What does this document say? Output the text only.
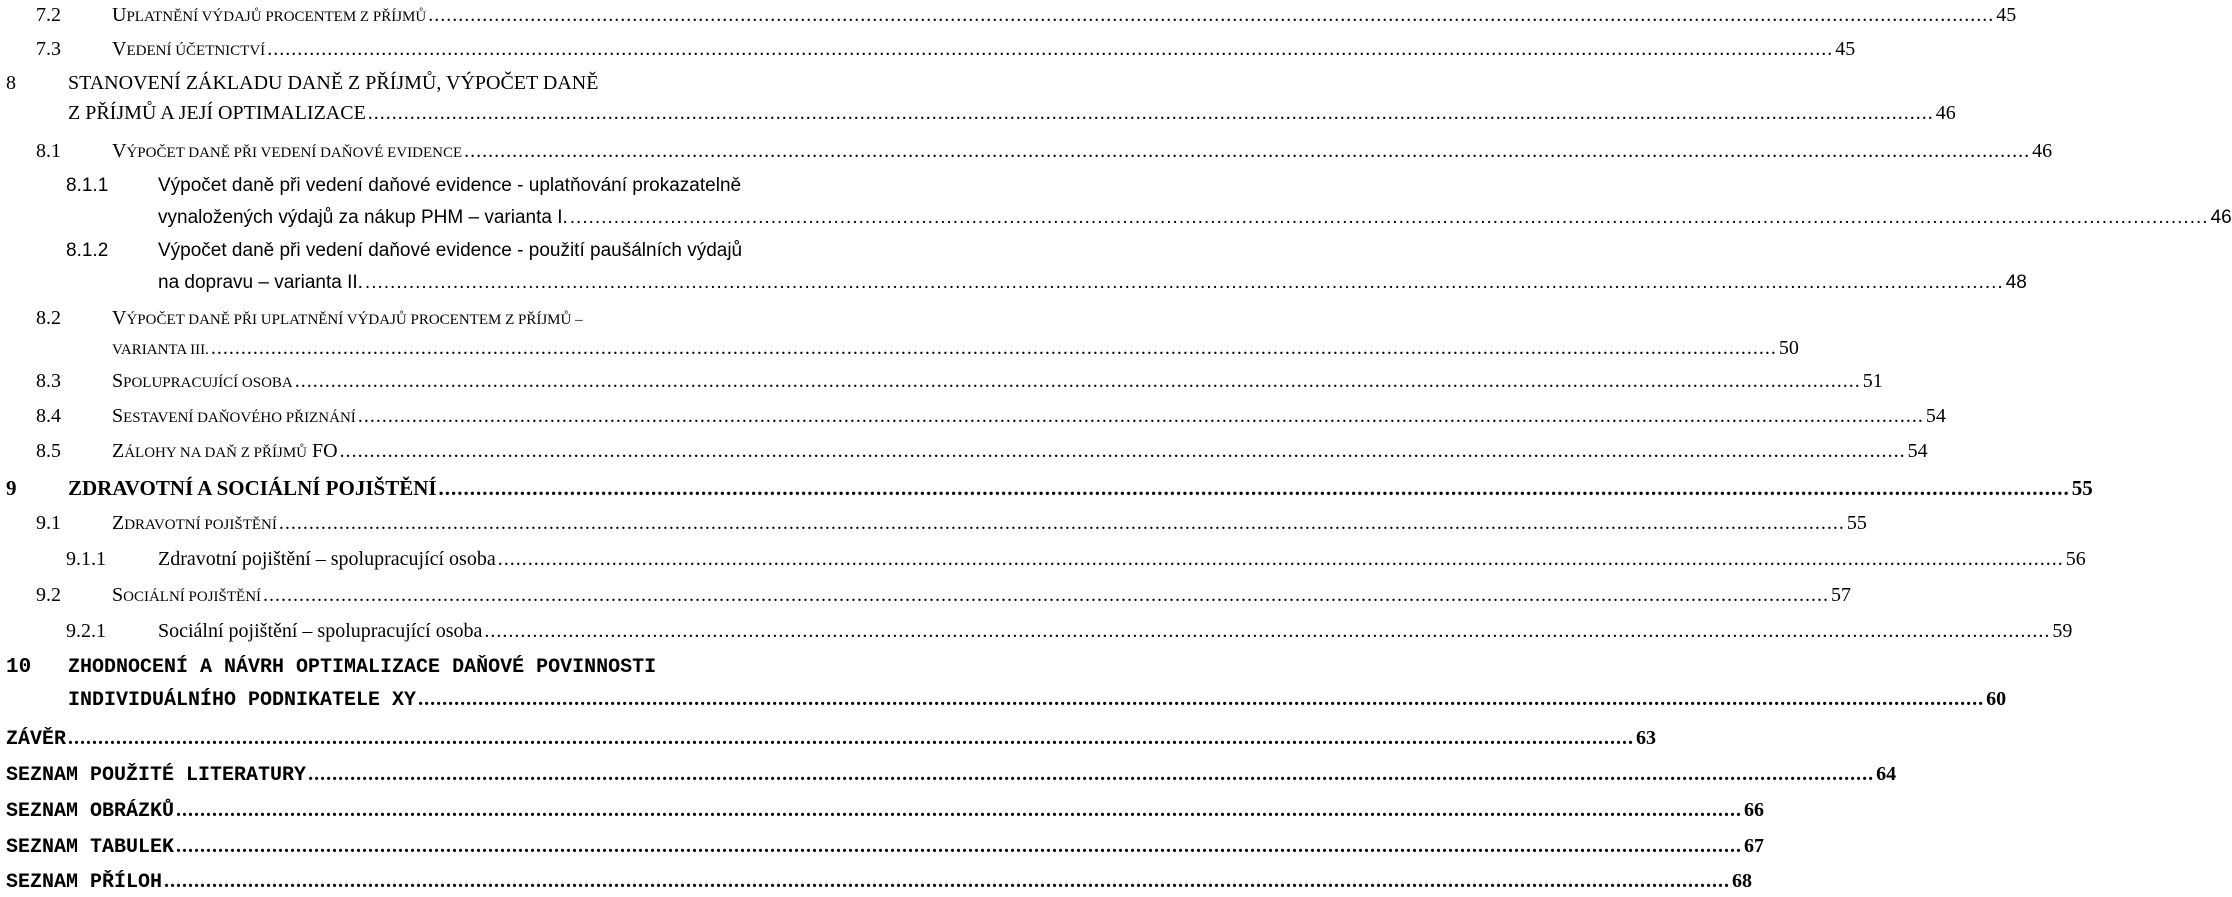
7.2	UPLATNĚNÍ VÝDAJŮ PROCENTEM Z PŘÍJMŮ ..................................................................................................................................................................................................................................................................... 45
7.3	VEDENÍ ÚČETNICTVÍ ..................................................................................................................................................................................................................................................................... 45
8	STANOVENÍ ZÁKLADU DANĚ Z PŘÍJMŮ, VÝPOČET DANĚ
Z PŘÍJMŮ A JEJÍ OPTIMALIZACE ..................................................................................................................................................................................................................................................................... 46
8.1	VÝPOČET DANĚ PŘI VEDENÍ DAŇOVÉ EVIDENCE ..................................................................................................................................................................................................................................................................... 46
8.1.1	Výpočet daně při vedení daňové evidence - uplatňování prokazatelně
vynaložených výdajů za nákup PHM – varianta I. ..................................................................................................................................................................................................................................................................... 46
8.1.2	Výpočet daně při vedení daňové evidence - použití paušálních výdajů
na dopravu – varianta II. ..................................................................................................................................................................................................................................................................... 48
8.2	VÝPOČET DANĚ PŘI UPLATNĚNÍ VÝDAJŮ PROCENTEM Z PŘÍJMŮ –
VARIANTA III. ..................................................................................................................................................................................................................................................................... 50
8.3	SPOLUPRACUJÍCÍ OSOBA ..................................................................................................................................................................................................................................................................... 51
8.4	SESTAVENÍ DAŇOVÉHO PŘIZNÁNÍ ..................................................................................................................................................................................................................................................................... 54
8.5	ZÁLOHY NA DAŇ Z PŘÍJMŮ FO ..................................................................................................................................................................................................................................................................... 54
9 ZDRAVOTNÍ A SOCIÁLNÍ POJIŠTĚNÍ ..................................................................................................................................................................................................................................................................... 55
9.1	ZDRAVOTNÍ POJIŠTĚNÍ ..................................................................................................................................................................................................................................................................... 55
9.1.1	Zdravotní pojištění – spolupracující osoba ..................................................................................................................................................................................................................................................................... 56
9.2	SOCIÁLNÍ POJIŠTĚNÍ ..................................................................................................................................................................................................................................................................... 57
9.2.1	Sociální pojištění – spolupracující osoba ..................................................................................................................................................................................................................................................................... 59
10 ZHODNOCENÍ A NÁVRH OPTIMALIZACE DAŇOVÉ POVINNOSTI
INDIVIDUÁLNÍHO PODNIKATELE XY ..................................................................................................................................................................................................................................................................... 60
ZÁVĚR ..................................................................................................................................................................................................................................................................... 63
SEZNAM POUŽITÉ LITERATURY ..................................................................................................................................................................................................................................................................... 64
SEZNAM OBRÁZKŮ ..................................................................................................................................................................................................................................................................... 66
SEZNAM TABULEK ..................................................................................................................................................................................................................................................................... 67
SEZNAM PŘÍLOH ..................................................................................................................................................................................................................................................................... 68
